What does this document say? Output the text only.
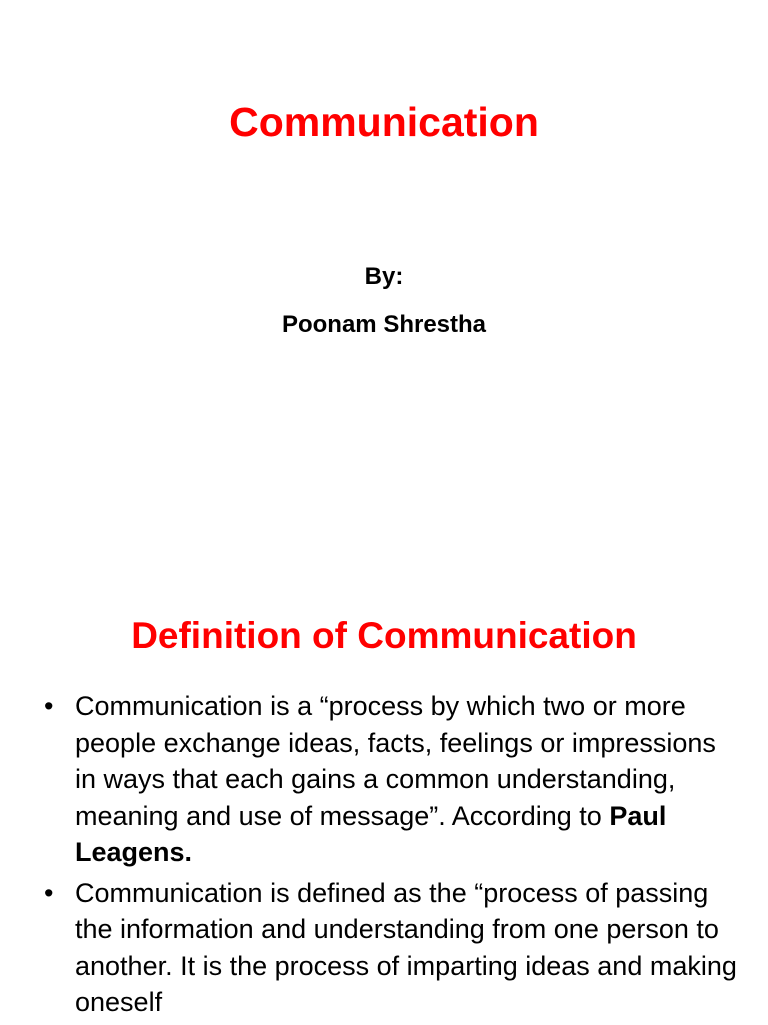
Communication

By:

Poonam Shrestha

Definition of Communication
• Communication is a “process by which two or more people exchange ideas, facts, feelings or impressions in ways that each gains a common understanding, meaning and use of message”. According to Paul Leagens.
• Communication is defined as the “process of passing the information and understanding from one person to another. It is the process of imparting ideas and making oneself
